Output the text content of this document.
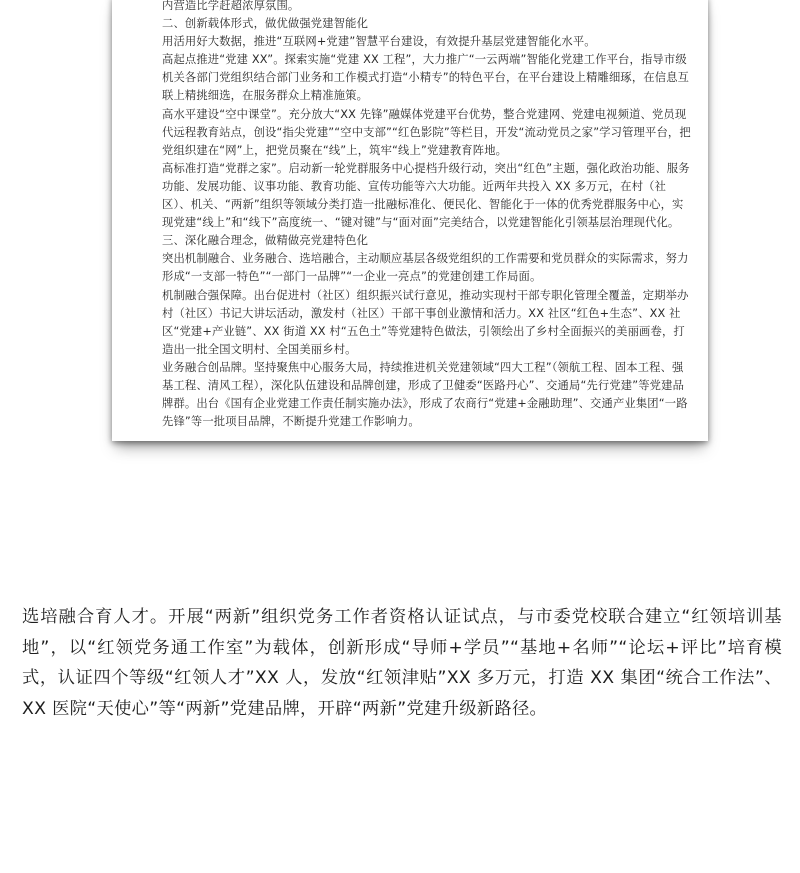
内营造比学赶超浓厚氛围。

二、创新载体形式，做优做强党建智能化

用活用好大数据，推进“互联网+党建”智慧平台建设，有效提升基层党建智能化水平。

高起点推进“党建 XX”。探索实施“党建 XX 工程”，大力推广“一云两端”智能化党建工作平台，指导市级机关各部门党组织结合部门业务和工作模式打造“小精专”的特色平台，在平台建设上精雕细琢，在信息互联上精挑细选，在服务群众上精准施策。

高水平建设“空中课堂”。充分放大“XX 先锋”融媒体党建平台优势，整合党建网、党建电视频道、党员现代远程教育站点，创设“指尖党建”“空中支部”“红色影院”等栏目，开发“流动党员之家”学习管理平台，把党组织建在“网”上，把党员聚在“线”上，筑牢“线上”党建教育阵地。

高标准打造“党群之家”。启动新一轮党群服务中心提档升级行动，突出“红色”主题，强化政治功能、服务功能、发展功能、议事功能、教育功能、宣传功能等六大功能。近两年共投入 XX 多万元，在村（社区）、机关、“两新”组织等领域分类打造一批融标准化、便民化、智能化于一体的优秀党群服务中心，实现党建“线上”和“线下”高度统一、“键对键”与“面对面”完美结合，以党建智能化引领基层治理现代化。

三、深化融合理念，做精做亮党建特色化

突出机制融合、业务融合、选培融合，主动顺应基层各级党组织的工作需要和党员群众的实际需求，努力形成“一支部一特色”“一部门一品牌”“一企业一亮点”的党建创建工作局面。

机制融合强保障。出台促进村（社区）组织振兴试行意见，推动实现村干部专职化管理全覆盖，定期举办村（社区）书记大讲坛活动，激发村（社区）干部干事创业激情和活力。XX 社区“红色+生态”、XX 社区“党建+产业链”、XX 街道 XX 村“五色土”等党建特色做法，引领绘出了乡村全面振兴的美丽画卷，打造出一批全国文明村、全国美丽乡村。

业务融合创品牌。坚持聚焦中心服务大局，持续推进机关党建领域“四大工程”（领航工程、固本工程、强基工程、清风工程），深化队伍建设和品牌创建，形成了卫健委“医路丹心”、交通局“先行党建”等党建品牌群。出台《国有企业党建工作责任制实施办法》，形成了农商行“党建+金融助理”、交通产业集团“一路先锋”等一批项目品牌，不断提升党建工作影响力。

选培融合育人才。开展“两新”组织党务工作者资格认证试点，与市委党校联合建立“红领培训基地”，以“红领党务通工作室”为载体，创新形成“导师+学员”“基地+名师”“论坛+评比”培育模式，认证四个等级“红领人才”XX 人，发放“红领津贴”XX 多万元，打造 XX 集团“统合工作法”、XX 医院“天使心”等“两新”党建品牌，开辟“两新”党建升级新路径。
